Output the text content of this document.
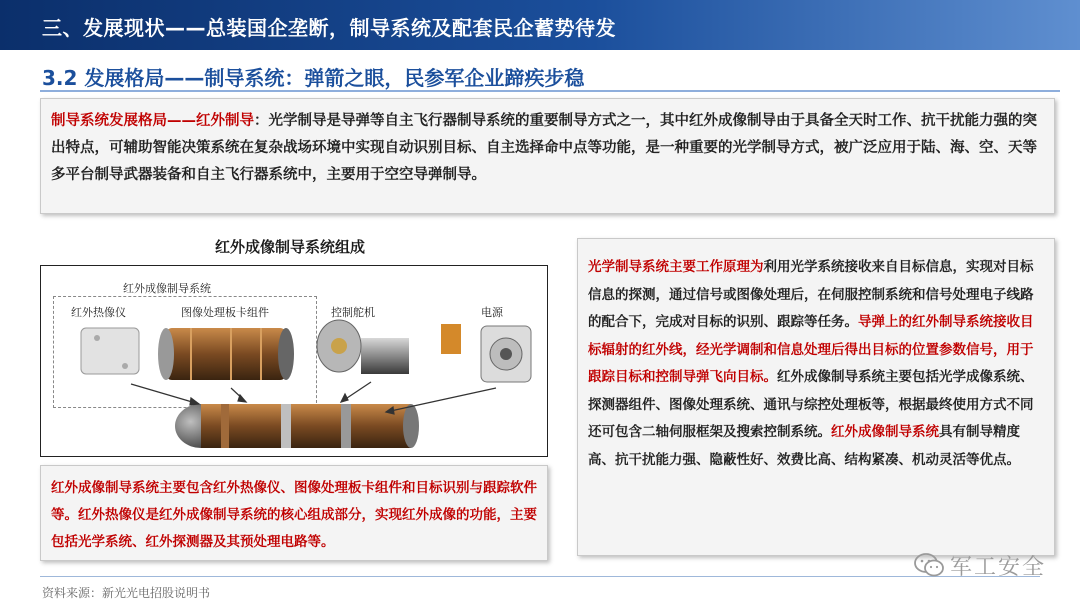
三、发展现状——总装国企垄断，制导系统及配套民企蓄势待发
3.2 发展格局——制导系统：弹箭之眼，民参军企业蹄疾步稳
制导系统发展格局——红外制导：光学制导是导弹等自主飞行器制导系统的重要制导方式之一，其中红外成像制导由于具备全天时工作、抗干扰能力强的突出特点，可辅助智能决策系统在复杂战场环境中实现自动识别目标、自主选择命中点等功能，是一种重要的光学制导方式，被广泛应用于陆、海、空、天等多平台制导武器装备和自主飞行器系统中，主要用于空空导弹制导。
红外成像制导系统组成
红外成像制导系统
红外热像仪	图像处理板卡组件	控制舵机	电源
红外成像制导系统主要包含红外热像仪、图像处理板卡组件和目标识别与跟踪软件等。红外热像仪是红外成像制导系统的核心组成部分，实现红外成像的功能，主要包括光学系统、红外探测器及其预处理电路等。
光学制导系统主要工作原理为利用光学系统接收来自目标信息，实现对目标信息的探测，通过信号或图像处理后，在伺服控制系统和信号处理电子线路的配合下，完成对目标的识别、跟踪等任务。导弹上的红外制导系统接收目标辐射的红外线，经光学调制和信息处理后得出目标的位置参数信号，用于跟踪目标和控制导弹飞向目标。红外成像制导系统主要包括光学成像系统、探测器组件、图像处理系统、通讯与综控处理板等，根据最终使用方式不同还可包含二轴伺服框架及搜索控制系统。红外成像制导系统具有制导精度高、抗干扰能力强、隐蔽性好、效费比高、结构紧凑、机动灵活等优点。
资料来源：新光光电招股说明书
军工安全
